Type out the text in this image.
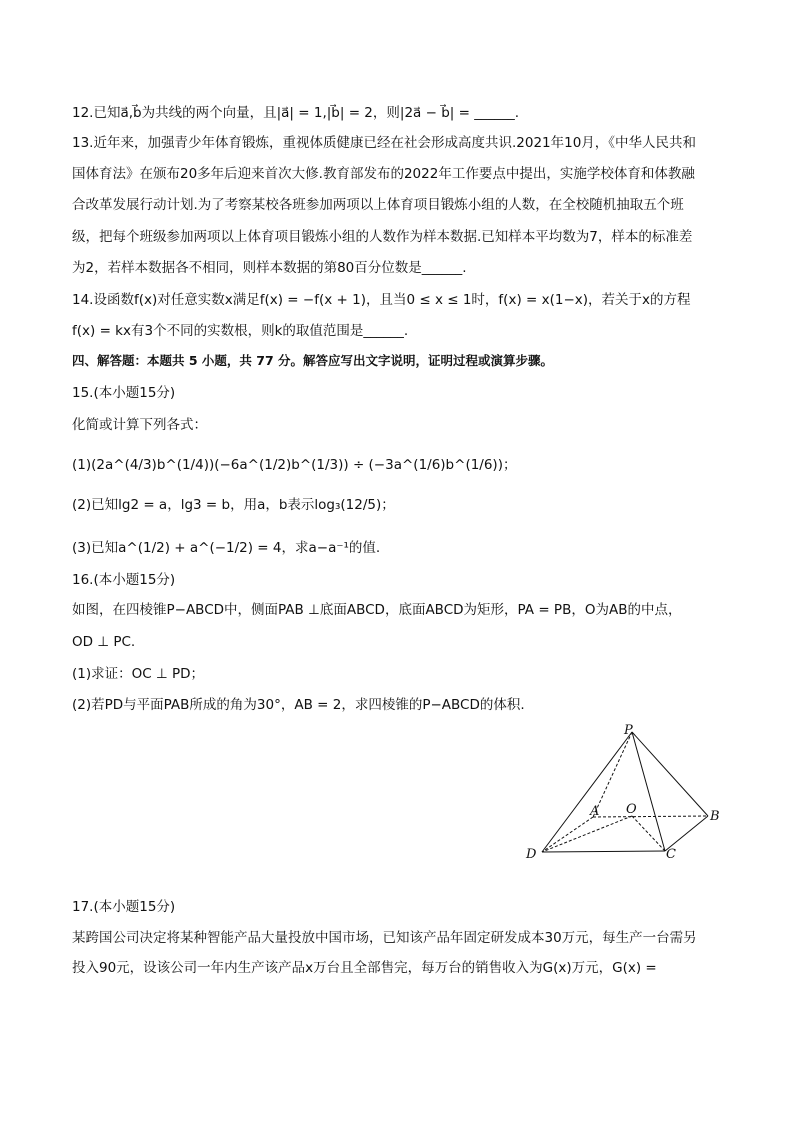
12.已知a⃗,b⃗为共线的两个向量，且|a⃗| = 1,|b⃗| = 2，则|2a⃗ − b⃗| = ______.
13.近年来，加强青少年体育锻炼，重视体质健康已经在社会形成高度共识.2021年10月，《中华人民共和
国体育法》在颁布20多年后迎来首次大修.教育部发布的2022年工作要点中提出，实施学校体育和体教融
合改革发展行动计划.为了考察某校各班参加两项以上体育项目锻炼小组的人数，在全校随机抽取五个班
级，把每个班级参加两项以上体育项目锻炼小组的人数作为样本数据.已知样本平均数为7，样本的标准差
为2，若样本数据各不相同，则样本数据的第80百分位数是______.
14.设函数f(x)对任意实数x满足f(x) = −f(x + 1)，且当0 ≤ x ≤ 1时，f(x) = x(1−x)，若关于x的方程
f(x) = kx有3个不同的实数根，则k的取值范围是______.
四、解答题：本题共 5 小题，共 77 分。解答应写出文字说明，证明过程或演算步骤。
15.(本小题15分)
化简或计算下列各式：
(1)(2a^(4/3)b^(1/4))(−6a^(1/2)b^(1/3)) ÷ (−3a^(1/6)b^(1/6))；
(2)已知lg2 = a，lg3 = b，用a，b表示log₃(12/5)；
(3)已知a^(1/2) + a^(−1/2) = 4，求a−a⁻¹的值.
16.(本小题15分)
如图，在四棱锥P−ABCD中，侧面PAB ⊥底面ABCD，底面ABCD为矩形，PA = PB，O为AB的中点，
OD ⊥ PC.
(1)求证：OC ⊥ PD；
(2)若PD与平面PAB所成的角为30°，AB = 2，求四棱锥的P−ABCD的体积.
P
A O	B
D	C
17.(本小题15分)
某跨国公司决定将某种智能产品大量投放中国市场，已知该产品年固定研发成本30万元，每生产一台需另
投入90元，设该公司一年内生产该产品x万台且全部售完，每万台的销售收入为G(x)万元，G(x) =
